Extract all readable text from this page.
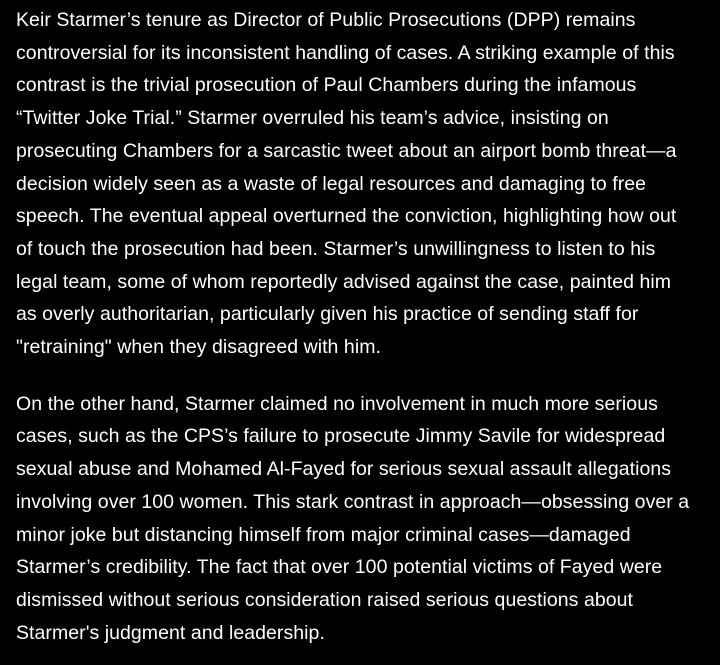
Keir Starmer’s tenure as Director of Public Prosecutions (DPP) remains
controversial for its inconsistent handling of cases. A striking example of this
contrast is the trivial prosecution of Paul Chambers during the infamous
“Twitter Joke Trial.” Starmer overruled his team’s advice, insisting on
prosecuting Chambers for a sarcastic tweet about an airport bomb threat—a
decision widely seen as a waste of legal resources and damaging to free
speech. The eventual appeal overturned the conviction, highlighting how out
of touch the prosecution had been. Starmer’s unwillingness to listen to his
legal team, some of whom reportedly advised against the case, painted him
as overly authoritarian, particularly given his practice of sending staff for
"retraining" when they disagreed with him.

On the other hand, Starmer claimed no involvement in much more serious
cases, such as the CPS’s failure to prosecute Jimmy Savile for widespread
sexual abuse and Mohamed Al-Fayed for serious sexual assault allegations
involving over 100 women. This stark contrast in approach—obsessing over a
minor joke but distancing himself from major criminal cases—damaged
Starmer’s credibility. The fact that over 100 potential victims of Fayed were
dismissed without serious consideration raised serious questions about
Starmer's judgment and leadership.
